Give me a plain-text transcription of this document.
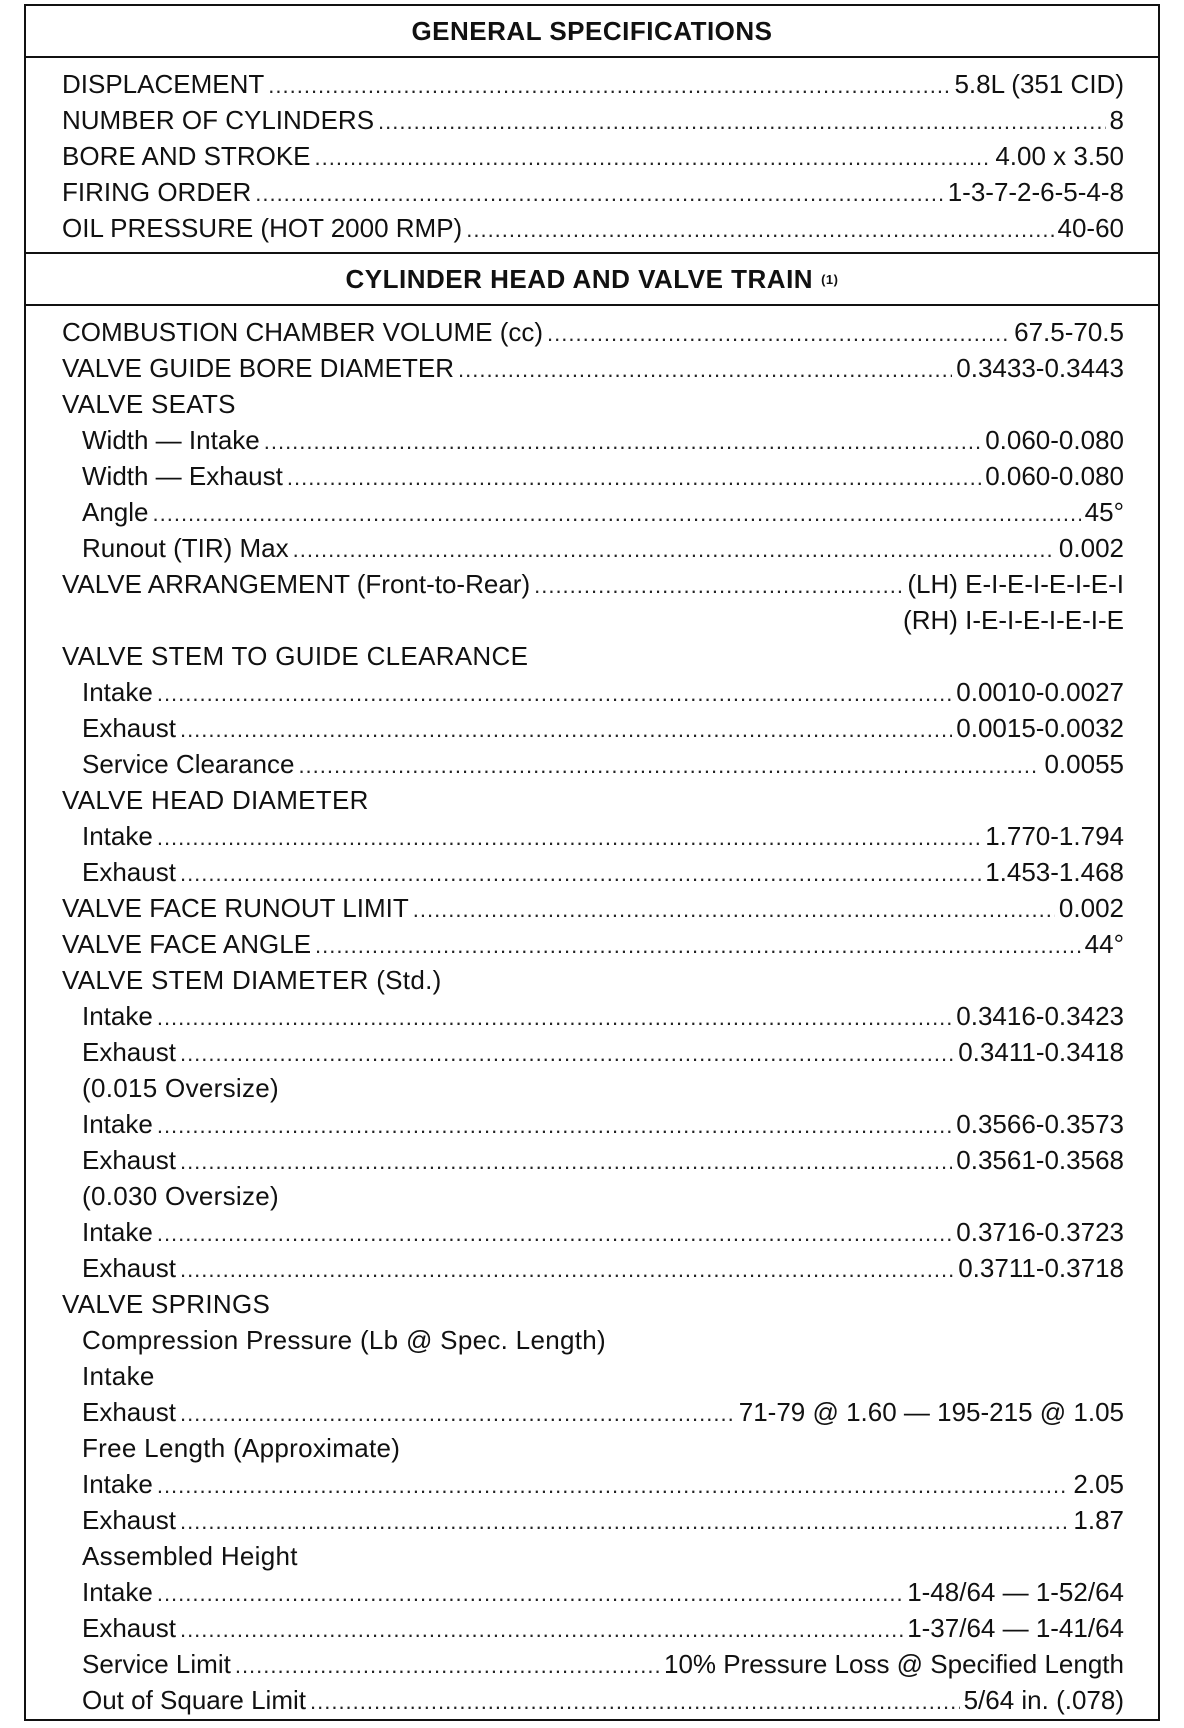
GENERAL SPECIFICATIONS
DISPLACEMENT .....	5.8L (351 CID)
NUMBER OF CYLINDERS .....	8
BORE AND STROKE .....	4.00 x 3.50
FIRING ORDER .....	1-3-7-2-6-5-4-8
OIL PRESSURE (HOT 2000 RMP) .....	40-60
CYLINDER HEAD AND VALVE TRAIN (1)
COMBUSTION CHAMBER VOLUME (cc) .....	67.5-70.5
VALVE GUIDE BORE DIAMETER .....	0.3433-0.3443
VALVE SEATS
Width — Intake .....	0.060-0.080
Width — Exhaust .....	0.060-0.080
Angle .....	45°
Runout (TIR) Max .....	0.002
VALVE ARRANGEMENT (Front-to-Rear) .....	(LH) E-I-E-I-E-I-E-I
(RH) I-E-I-E-I-E-I-E
VALVE STEM TO GUIDE CLEARANCE
Intake .....	0.0010-0.0027
Exhaust .....	0.0015-0.0032
Service Clearance .....	0.0055
VALVE HEAD DIAMETER
Intake .....	1.770-1.794
Exhaust .....	1.453-1.468
VALVE FACE RUNOUT LIMIT .....	0.002
VALVE FACE ANGLE .....	44°
VALVE STEM DIAMETER (Std.)
Intake .....	0.3416-0.3423
Exhaust .....	0.3411-0.3418
(0.015 Oversize)
Intake .....	0.3566-0.3573
Exhaust .....	0.3561-0.3568
(0.030 Oversize)
Intake .....	0.3716-0.3723
Exhaust .....	0.3711-0.3718
VALVE SPRINGS
Compression Pressure (Lb @ Spec. Length)
Intake
Exhaust .....	71-79 @ 1.60 — 195-215 @ 1.05
Free Length (Approximate)
Intake .....	2.05
Exhaust .....	1.87
Assembled Height
Intake .....	1-48/64 — 1-52/64
Exhaust .....	1-37/64 — 1-41/64
Service Limit .....	10% Pressure Loss @ Specified Length
Out of Square Limit .....	5/64 in. (.078)
